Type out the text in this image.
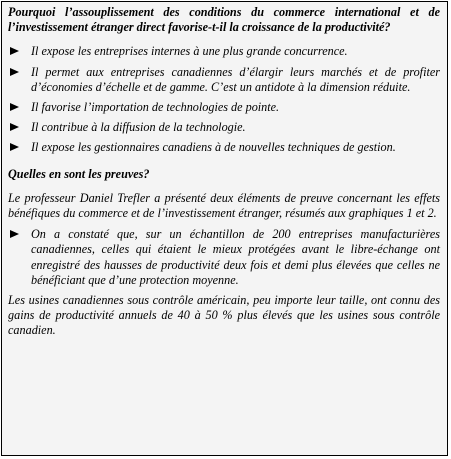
Pourquoi l’assouplissement des conditions du commerce international et de l’investissement étranger direct favorise-t-il la croissance de la productivité?
Il expose les entreprises internes à une plus grande concurrence.
Il permet aux entreprises canadiennes d’élargir leurs marchés et de profiter d’économies d’échelle et de gamme. C’est un antidote à la dimension réduite.
Il favorise l’importation de technologies de pointe.
Il contribue à la diffusion de la technologie.
Il expose les gestionnaires canadiens à de nouvelles techniques de gestion.
Quelles en sont les preuves?

Le professeur Daniel Trefler a présenté deux éléments de preuve concernant les effets bénéfiques du commerce et de l’investissement étranger, résumés aux graphiques 1 et 2.

On a constaté que, sur un échantillon de 200 entreprises manufacturières canadiennes, celles qui étaient le mieux protégées avant le libre-échange ont enregistré des hausses de productivité deux fois et demi plus élevées que celles ne bénéficiant que d’une protection moyenne.

Les usines canadiennes sous contrôle américain, peu importe leur taille, ont connu des gains de productivité annuels de 40 à 50 % plus élevés que les usines sous contrôle canadien.
